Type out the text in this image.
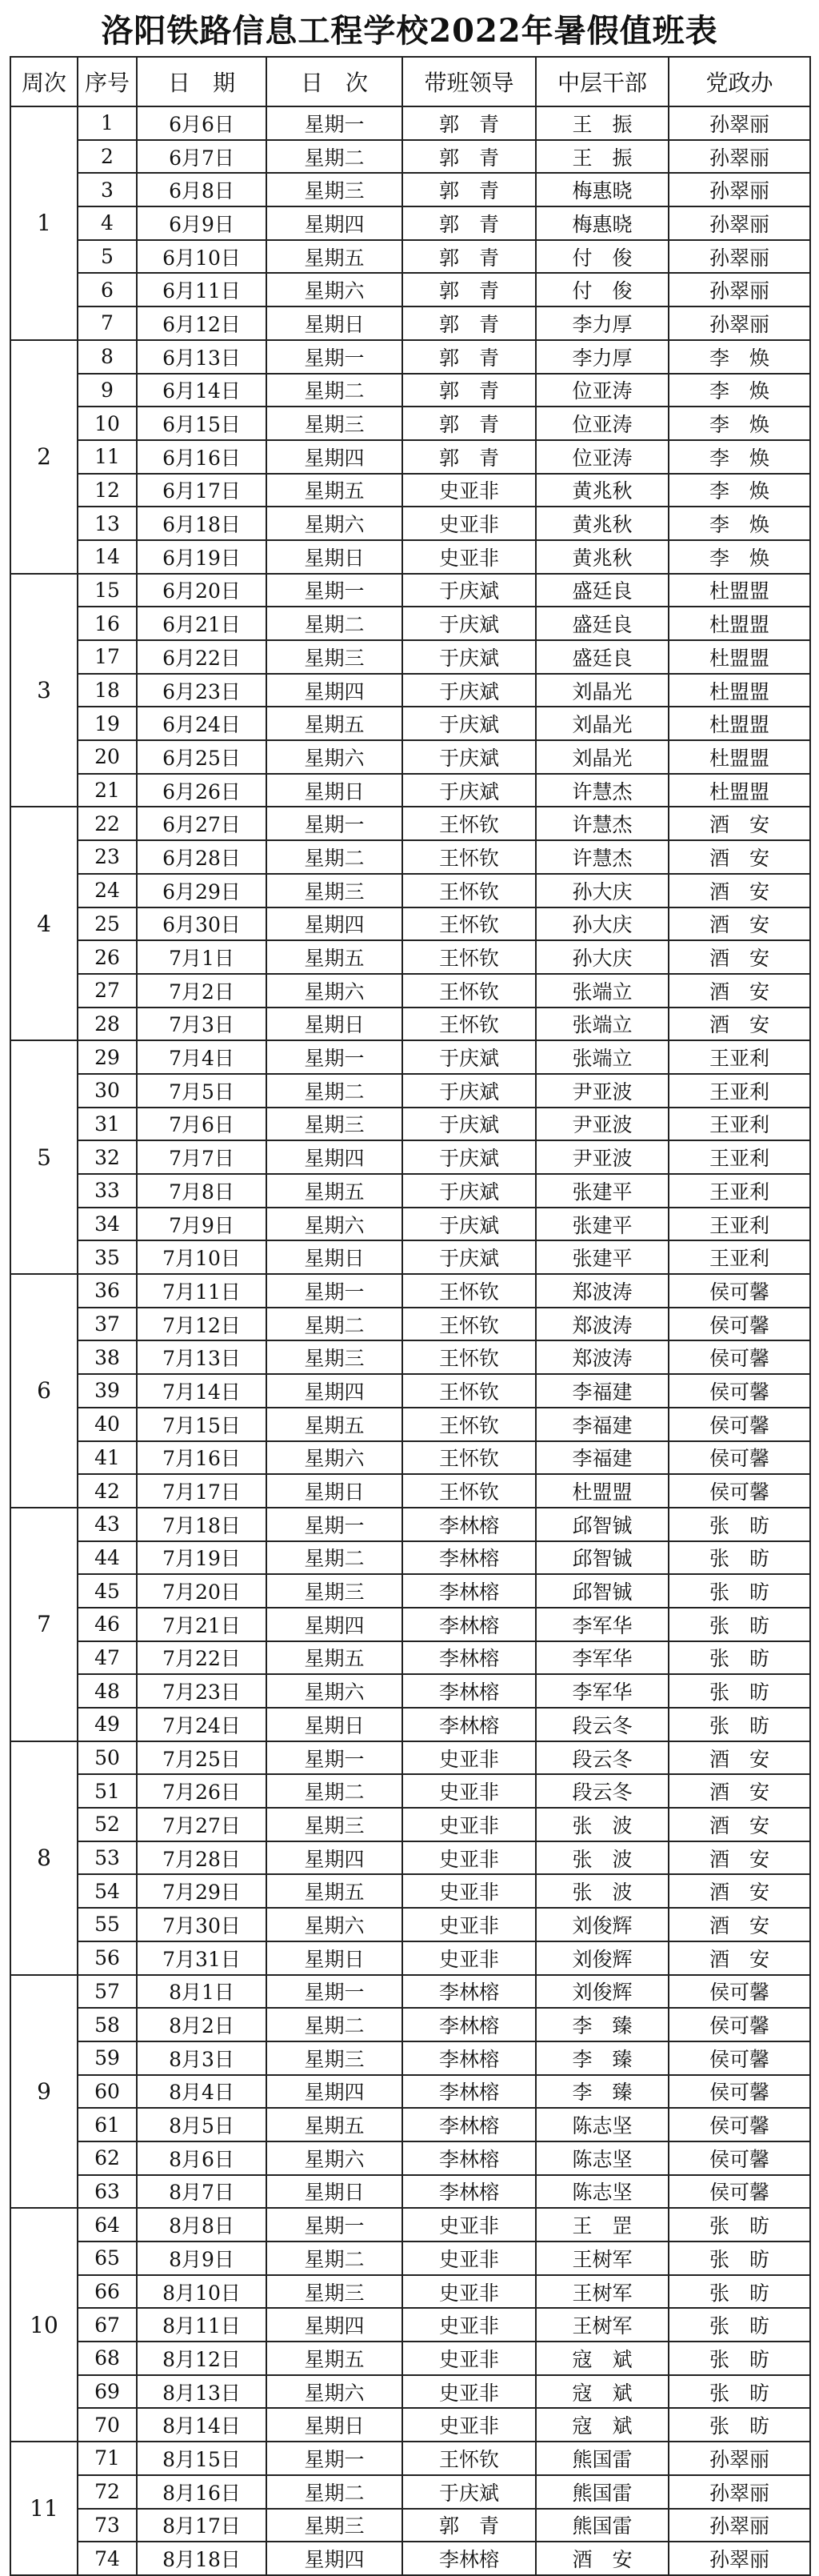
洛阳铁路信息工程学校2022年暑假值班表
周次	序号	日　期	日　次	带班领导	中层干部	党政办
1	1	6月6日	星期一	郭　青	王　振	孙翠丽
	2	6月7日	星期二	郭　青	王　振	孙翠丽
	3	6月8日	星期三	郭　青	梅惠晓	孙翠丽
	4	6月9日	星期四	郭　青	梅惠晓	孙翠丽
	5	6月10日	星期五	郭　青	付　俊	孙翠丽
	6	6月11日	星期六	郭　青	付　俊	孙翠丽
	7	6月12日	星期日	郭　青	李力厚	孙翠丽
2	8	6月13日	星期一	郭　青	李力厚	李　焕
	9	6月14日	星期二	郭　青	位亚涛	李　焕
	10	6月15日	星期三	郭　青	位亚涛	李　焕
	11	6月16日	星期四	郭　青	位亚涛	李　焕
	12	6月17日	星期五	史亚非	黄兆秋	李　焕
	13	6月18日	星期六	史亚非	黄兆秋	李　焕
	14	6月19日	星期日	史亚非	黄兆秋	李　焕
3	15	6月20日	星期一	于庆斌	盛廷良	杜盟盟
	16	6月21日	星期二	于庆斌	盛廷良	杜盟盟
	17	6月22日	星期三	于庆斌	盛廷良	杜盟盟
	18	6月23日	星期四	于庆斌	刘晶光	杜盟盟
	19	6月24日	星期五	于庆斌	刘晶光	杜盟盟
	20	6月25日	星期六	于庆斌	刘晶光	杜盟盟
	21	6月26日	星期日	于庆斌	许慧杰	杜盟盟
4	22	6月27日	星期一	王怀钦	许慧杰	酒　安
	23	6月28日	星期二	王怀钦	许慧杰	酒　安
	24	6月29日	星期三	王怀钦	孙大庆	酒　安
	25	6月30日	星期四	王怀钦	孙大庆	酒　安
	26	7月1日	星期五	王怀钦	孙大庆	酒　安
	27	7月2日	星期六	王怀钦	张端立	酒　安
	28	7月3日	星期日	王怀钦	张端立	酒　安
5	29	7月4日	星期一	于庆斌	张端立	王亚利
	30	7月5日	星期二	于庆斌	尹亚波	王亚利
	31	7月6日	星期三	于庆斌	尹亚波	王亚利
	32	7月7日	星期四	于庆斌	尹亚波	王亚利
	33	7月8日	星期五	于庆斌	张建平	王亚利
	34	7月9日	星期六	于庆斌	张建平	王亚利
	35	7月10日	星期日	于庆斌	张建平	王亚利
6	36	7月11日	星期一	王怀钦	郑波涛	侯可馨
	37	7月12日	星期二	王怀钦	郑波涛	侯可馨
	38	7月13日	星期三	王怀钦	郑波涛	侯可馨
	39	7月14日	星期四	王怀钦	李福建	侯可馨
	40	7月15日	星期五	王怀钦	李福建	侯可馨
	41	7月16日	星期六	王怀钦	李福建	侯可馨
	42	7月17日	星期日	王怀钦	杜盟盟	侯可馨
7	43	7月18日	星期一	李林榕	邱智铖	张　昉
	44	7月19日	星期二	李林榕	邱智铖	张　昉
	45	7月20日	星期三	李林榕	邱智铖	张　昉
	46	7月21日	星期四	李林榕	李军华	张　昉
	47	7月22日	星期五	李林榕	李军华	张　昉
	48	7月23日	星期六	李林榕	李军华	张　昉
	49	7月24日	星期日	李林榕	段云冬	张　昉
8	50	7月25日	星期一	史亚非	段云冬	酒　安
	51	7月26日	星期二	史亚非	段云冬	酒　安
	52	7月27日	星期三	史亚非	张　波	酒　安
	53	7月28日	星期四	史亚非	张　波	酒　安
	54	7月29日	星期五	史亚非	张　波	酒　安
	55	7月30日	星期六	史亚非	刘俊辉	酒　安
	56	7月31日	星期日	史亚非	刘俊辉	酒　安
9	57	8月1日	星期一	李林榕	刘俊辉	侯可馨
	58	8月2日	星期二	李林榕	李　臻	侯可馨
	59	8月3日	星期三	李林榕	李　臻	侯可馨
	60	8月4日	星期四	李林榕	李　臻	侯可馨
	61	8月5日	星期五	李林榕	陈志坚	侯可馨
	62	8月6日	星期六	李林榕	陈志坚	侯可馨
	63	8月7日	星期日	李林榕	陈志坚	侯可馨
10	64	8月8日	星期一	史亚非	王　罡	张　昉
	65	8月9日	星期二	史亚非	王树军	张　昉
	66	8月10日	星期三	史亚非	王树军	张　昉
	67	8月11日	星期四	史亚非	王树军	张　昉
	68	8月12日	星期五	史亚非	寇　斌	张　昉
	69	8月13日	星期六	史亚非	寇　斌	张　昉
	70	8月14日	星期日	史亚非	寇　斌	张　昉
11	71	8月15日	星期一	王怀钦	熊国雷	孙翠丽
	72	8月16日	星期二	于庆斌	熊国雷	孙翠丽
	73	8月17日	星期三	郭　青	熊国雷	孙翠丽
	74	8月18日	星期四	李林榕	酒　安	孙翠丽
